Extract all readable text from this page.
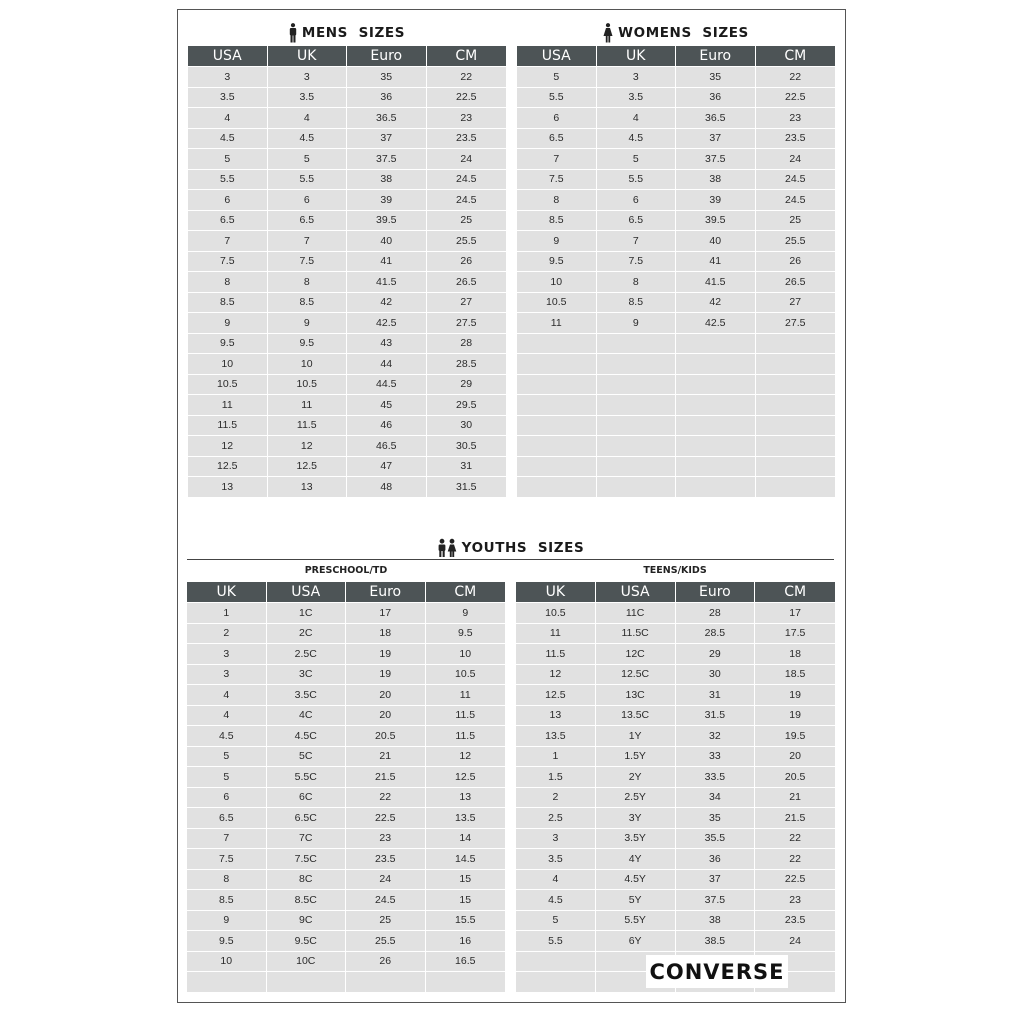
MENS  SIZES	WOMENS  SIZES
YOUTHS  SIZES
PRESCHOOL/TD	TEENS/KIDS
USA	UK	Euro	CM
3	3	35	22
3.5	3.5	36	22.5
4	4	36.5	23
4.5	4.5	37	23.5
5	5	37.5	24
5.5	5.5	38	24.5
6	6	39	24.5
6.5	6.5	39.5	25
7	7	40	25.5
7.5	7.5	41	26
8	8	41.5	26.5
8.5	8.5	42	27
9	9	42.5	27.5
9.5	9.5	43	28
10	10	44	28.5
10.5	10.5	44.5	29
11	11	45	29.5
11.5	11.5	46	30
12	12	46.5	30.5
12.5	12.5	47	31
13	13	48	31.5
USA	UK	Euro	CM
5	3	35	22
5.5	3.5	36	22.5
6	4	36.5	23
6.5	4.5	37	23.5
7	5	37.5	24
7.5	5.5	38	24.5
8	6	39	24.5
8.5	6.5	39.5	25
9	7	40	25.5
9.5	7.5	41	26
10	8	41.5	26.5
10.5	8.5	42	27
11	9	42.5	27.5

UK	USA	Euro	CM
1	1C	17	9
2	2C	18	9.5
3	2.5C	19	10
3	3C	19	10.5
4	3.5C	20	11
4	4C	20	11.5
4.5	4.5C	20.5	11.5
5	5C	21	12
5	5.5C	21.5	12.5
6	6C	22	13
6.5	6.5C	22.5	13.5
7	7C	23	14
7.5	7.5C	23.5	14.5
8	8C	24	15
8.5	8.5C	24.5	15
9	9C	25	15.5
9.5	9.5C	25.5	16
10	10C	26	16.5

UK	USA	Euro	CM
10.5	11C	28	17
11	11.5C	28.5	17.5
11.5	12C	29	18
12	12.5C	30	18.5
12.5	13C	31	19
13	13.5C	31.5	19
13.5	1Y	32	19.5
1	1.5Y	33	20
1.5	2Y	33.5	20.5
2	2.5Y	34	21
2.5	3Y	35	21.5
3	3.5Y	35.5	22
3.5	4Y	36	22
4	4.5Y	37	22.5
4.5	5Y	37.5	23
5	5.5Y	38	23.5
5.5	6Y	38.5	24

CONVERSE
